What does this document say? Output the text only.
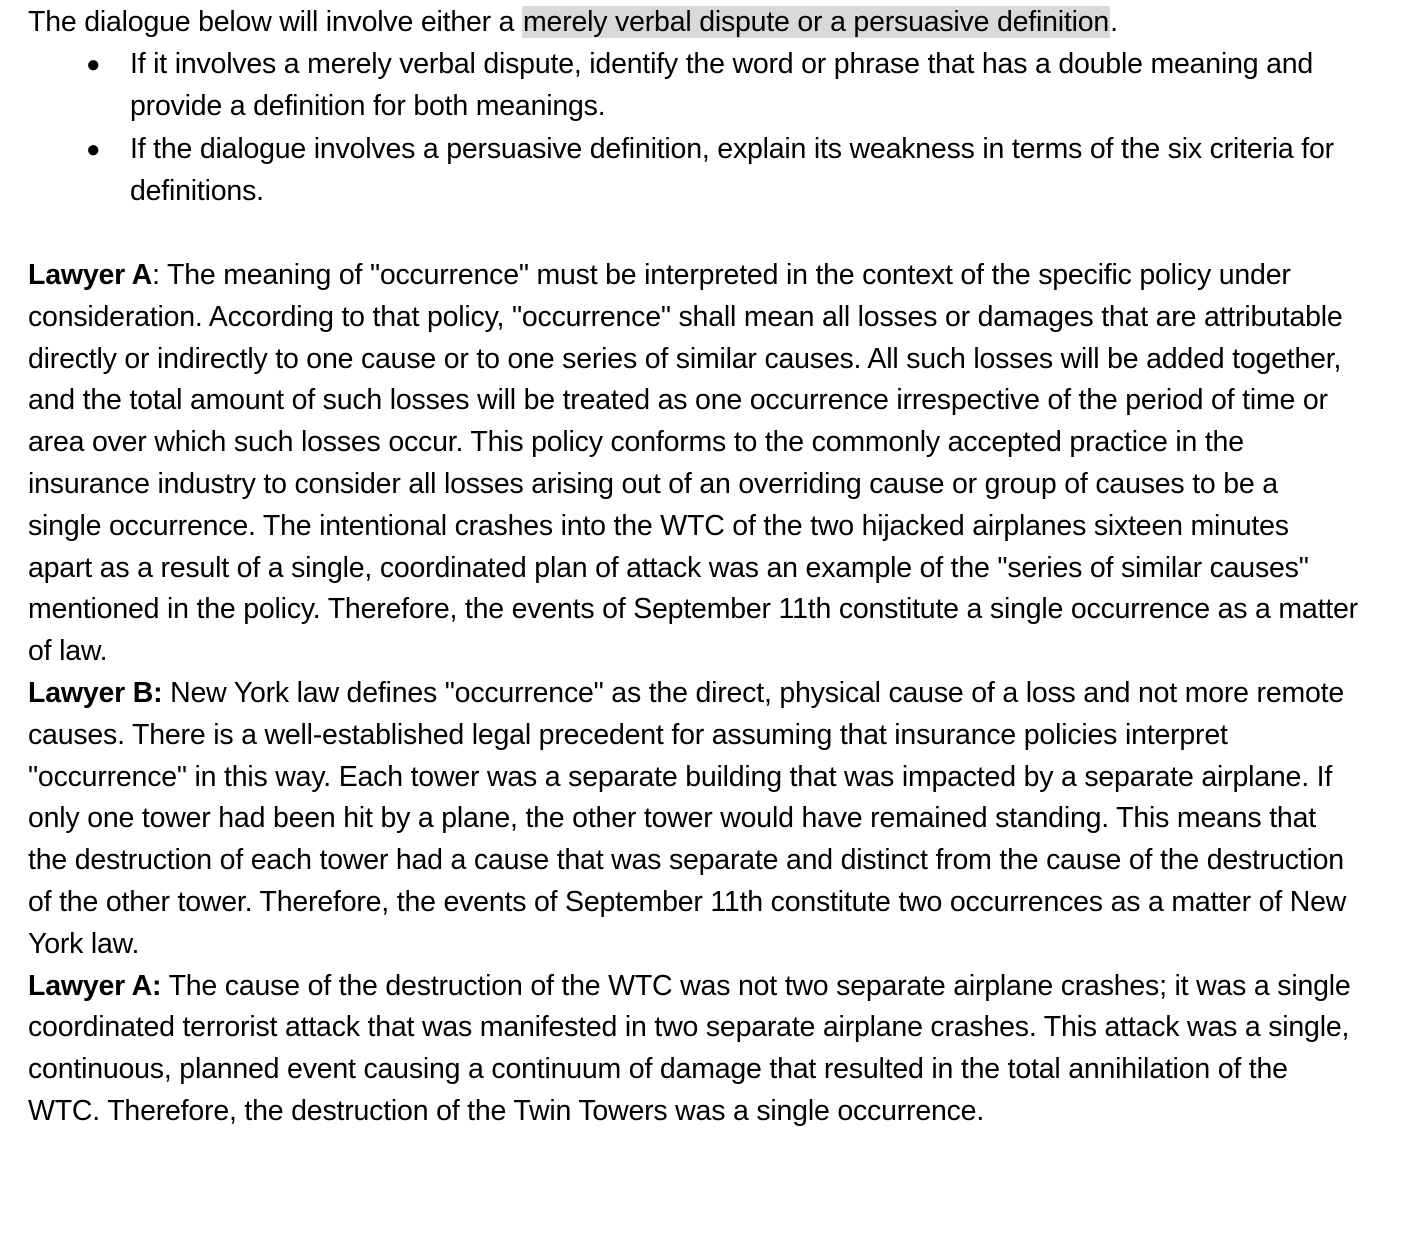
The dialogue below will involve either a merely verbal dispute or a persuasive definition.

● If it involves a merely verbal dispute, identify the word or phrase that has a double meaning and provide a definition for both meanings.
● If the dialogue involves a persuasive definition, explain its weakness in terms of the six criteria for definitions.

Lawyer A: The meaning of "occurrence" must be interpreted in the context of the specific policy under consideration. According to that policy, "occurrence" shall mean all losses or damages that are attributable directly or indirectly to one cause or to one series of similar causes. All such losses will be added together, and the total amount of such losses will be treated as one occurrence irrespective of the period of time or area over which such losses occur. This policy conforms to the commonly accepted practice in the insurance industry to consider all losses arising out of an overriding cause or group of causes to be a single occurrence. The intentional crashes into the WTC of the two hijacked airplanes sixteen minutes apart as a result of a single, coordinated plan of attack was an example of the "series of similar causes" mentioned in the policy. Therefore, the events of September 11th constitute a single occurrence as a matter of law.

Lawyer B: New York law defines "occurrence" as the direct, physical cause of a loss and not more remote causes. There is a well-established legal precedent for assuming that insurance policies interpret "occurrence" in this way. Each tower was a separate building that was impacted by a separate airplane. If only one tower had been hit by a plane, the other tower would have remained standing. This means that the destruction of each tower had a cause that was separate and distinct from the cause of the destruction of the other tower. Therefore, the events of September 11th constitute two occurrences as a matter of New York law.

Lawyer A: The cause of the destruction of the WTC was not two separate airplane crashes; it was a single coordinated terrorist attack that was manifested in two separate airplane crashes. This attack was a single, continuous, planned event causing a continuum of damage that resulted in the total annihilation of the WTC. Therefore, the destruction of the Twin Towers was a single occurrence.
